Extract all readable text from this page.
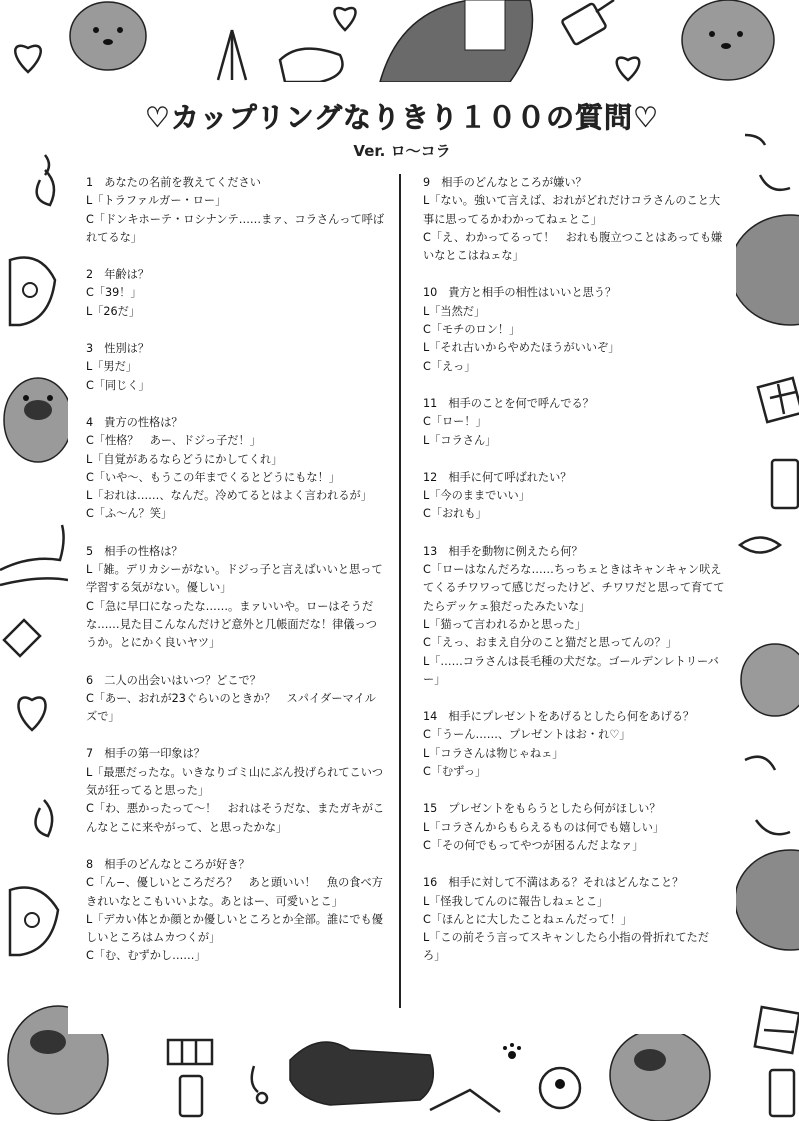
♡カップリングなりきり１００の質問♡
Ver. ロ〜コラ
1　あなたの名前を教えてください
L「トラファルガー・ロー」
C「ドンキホーテ・ロシナンテ……まァ、コラさんって呼ばれてるな」
2　年齢は？
C「39！」
L「26だ」
3　性別は？
L「男だ」
C「同じく」
4　貴方の性格は？
C「性格？　あー、ドジっ子だ！」
L「自覚があるならどうにかしてくれ」
C「いや〜、もうこの年までくるとどうにもな！」
L「おれは……、なんだ。冷めてるとはよく言われるが」
C「ふ〜ん？笑」
5　相手の性格は？
L「雑。デリカシーがない。ドジっ子と言えばいいと思って学習する気がない。優しい」
C「急に早口になったな……。まァいいや。ローはそうだな……見た目こんなんだけど意外と几帳面だな！律儀っつうか。とにかく良いヤツ」
6　二人の出会いはいつ？どこで？
C「あー、おれが23ぐらいのときか？　スパイダーマイルズで」
7　相手の第一印象は？
L「最悪だったな。いきなりゴミ山にぶん投げられてこいつ気が狂ってると思った」
C「わ、悪かったって〜！　おれはそうだな、またガキがこんなとこに来やがって、と思ったかな」
8　相手のどんなところが好き？
C「ん−、優しいところだろ？　あと頭いい！　魚の食べ方きれいなとこもいいよな。あとはー、可愛いとこ」
L「デカい体とか顔とか優しいところとか全部。誰にでも優しいところはムカつくが」
C「む、むずかし……」
9　相手のどんなところが嫌い？
L「ない。強いて言えば、おれがどれだけコラさんのこと大事に思ってるかわかってねェとこ」
C「え、わかってるって！　おれも腹立つことはあっても嫌いなとこはねェな」
10　貴方と相手の相性はいいと思う？
L「当然だ」
C「モチのロン！」
L「それ古いからやめたほうがいいぞ」
C「えっ」
11　相手のことを何で呼んでる？
C「ロー！」
L「コラさん」
12　相手に何て呼ばれたい？
L「今のままでいい」
C「おれも」
13　相手を動物に例えたら何？
C「ローはなんだろな……ちっちェときはキャンキャン吠えてくるチワワって感じだったけど、チワワだと思って育ててたらデッケェ狼だったみたいな」
L「猫って言われるかと思った」
C「えっ、おまえ自分のこと猫だと思ってんの？」
L「……コラさんは長毛種の犬だな。ゴールデンレトリーバー」
14　相手にプレゼントをあげるとしたら何をあげる？
C「うーん……、プレゼントはお・れ♡」
L「コラさんは物じゃねェ」
C「むずっ」
15　プレゼントをもらうとしたら何がほしい？
L「コラさんからもらえるものは何でも嬉しい」
C「その何でもってやつが困るんだよなァ」
16　相手に対して不満はある？それはどんなこと？
L「怪我してんのに報告しねェとこ」
C「ほんとに大したことねェんだって！」
L「この前そう言ってスキャンしたら小指の骨折れてただろ」
